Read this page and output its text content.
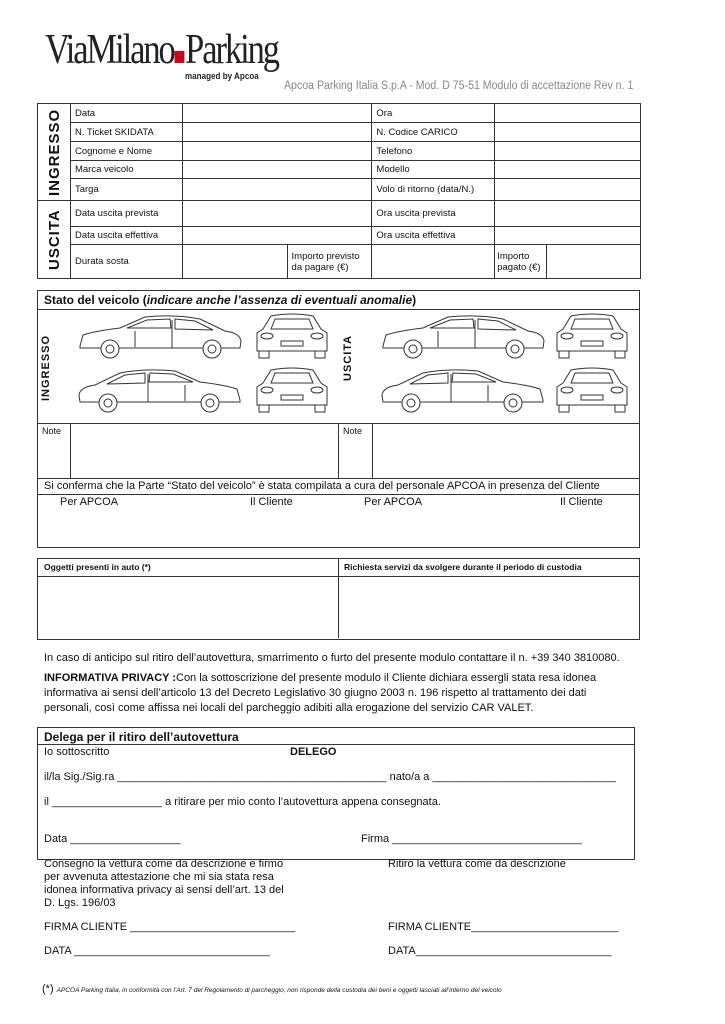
ViaMilano Parking
managed by Apcoa
Apcoa Parking Italia S.p.A - Mod. D 75-51 Modulo di accettazione Rev n. 1
INGRESSO	Data			Ora		
	N. Ticket SKIDATA			N. Codice CARICO		
	Cognome e Nome			Telefono		
	Marca veicolo			Modello		
	Targa			Volo di ritorno (data/N.)		
USCITA	Data uscita prevista			Ora uscita prevista		
	Data uscita effettiva			Ora uscita effettiva		
	Durata sosta		Importo previsto da pagare (€)		Importo pagato (€)	
Stato del veicolo (indicare anche l’assenza di eventuali anomalie)
INGRESSO	USCITA
Note	Note
Si conferma che la Parte “Stato del veicolo” è stata compilata a cura del personale APCOA in presenza del Cliente
Per APCOA	Il Cliente	Per APCOA	Il Cliente
Oggetti presenti in auto (*)	Richiesta servizi da svolgere durante il periodo di custodia
In caso di anticipo sul ritiro dell’autovettura, smarrimento o furto del presente modulo contattare il n. +39 340 3810080.
INFORMATIVA PRIVACY :Con la sottoscrizione del presente modulo il Cliente dichiara essergli stata resa idonea
informativa ai sensi dell’articolo 13 del Decreto Legislativo 30 giugno 2003 n. 196 rispetto al trattamento dei dati
personali, così come affissa nei locali del parcheggio adibiti alla erogazione del servizio CAR VALET.
Delega per il ritiro dell’autovettura
Io sottoscritto	DELEGO
il/la Sig./Sig.ra ____________________________________________ nato/a a ______________________________
il __________________ a ritirare per mio conto l’autovettura appena consegnata.
Data __________________	Firma _______________________________
Consegno la vettura come da descrizione e firmo
per avvenuta attestazione che mi sia stata resa
idonea informativa privacy ai sensi dell’art. 13 del
D. Lgs. 196/03
Ritiro la vettura come da descrizione
FIRMA CLIENTE ___________________________	FIRMA CLIENTE________________________
DATA ________________________________	DATA________________________________
(*) APCOA Parking Italia, in conformità con l’Art. 7 del Regolamento di parcheggio, non risponde della custodia dei beni e oggetti lasciati all’interno del veicolo
